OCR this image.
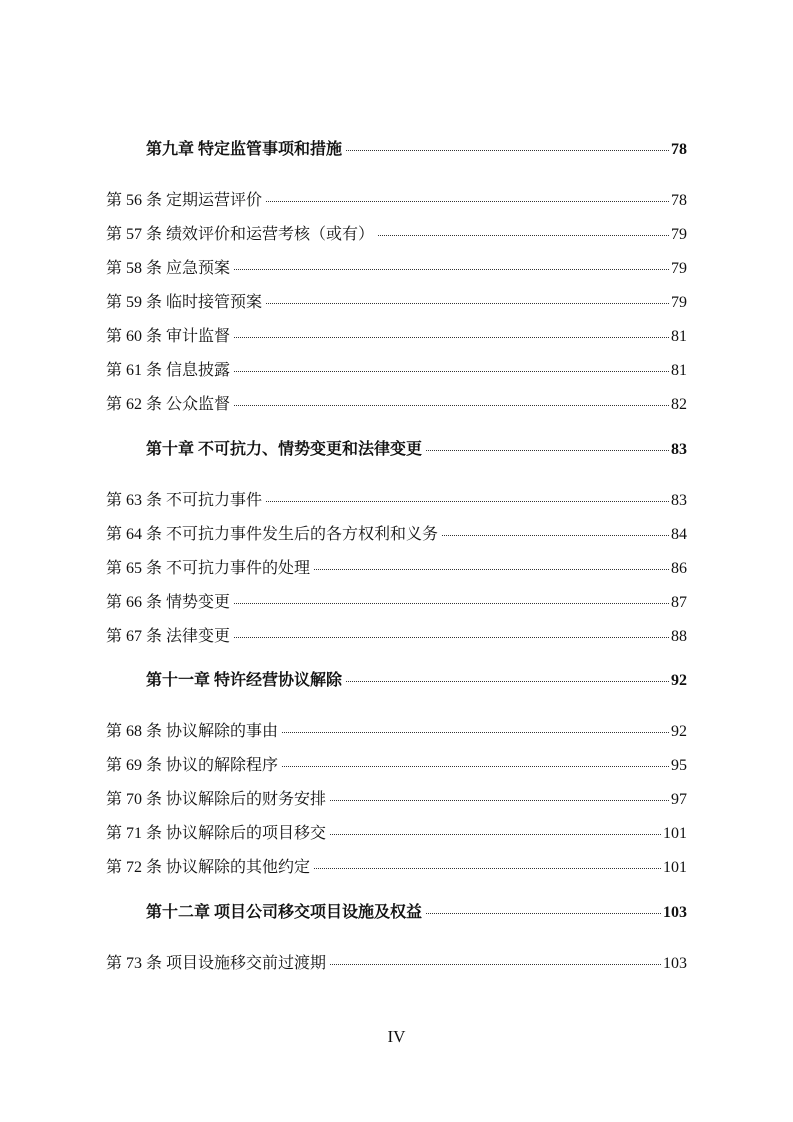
第九章 特定监管事项和措施	78
第 56 条 定期运营评价	78
第 57 条 绩效评价和运营考核（或有）	79
第 58 条 应急预案	79
第 59 条 临时接管预案	79
第 60 条 审计监督	81
第 61 条 信息披露	81
第 62 条 公众监督	82
第十章 不可抗力、情势变更和法律变更	83
第 63 条 不可抗力事件	83
第 64 条 不可抗力事件发生后的各方权利和义务	84
第 65 条 不可抗力事件的处理	86
第 66 条 情势变更	87
第 67 条 法律变更	88
第十一章 特许经营协议解除	92
第 68 条 协议解除的事由	92
第 69 条 协议的解除程序	95
第 70 条 协议解除后的财务安排	97
第 71 条 协议解除后的项目移交	101
第 72 条 协议解除的其他约定	101
第十二章 项目公司移交项目设施及权益	103
第 73 条 项目设施移交前过渡期	103
IV
